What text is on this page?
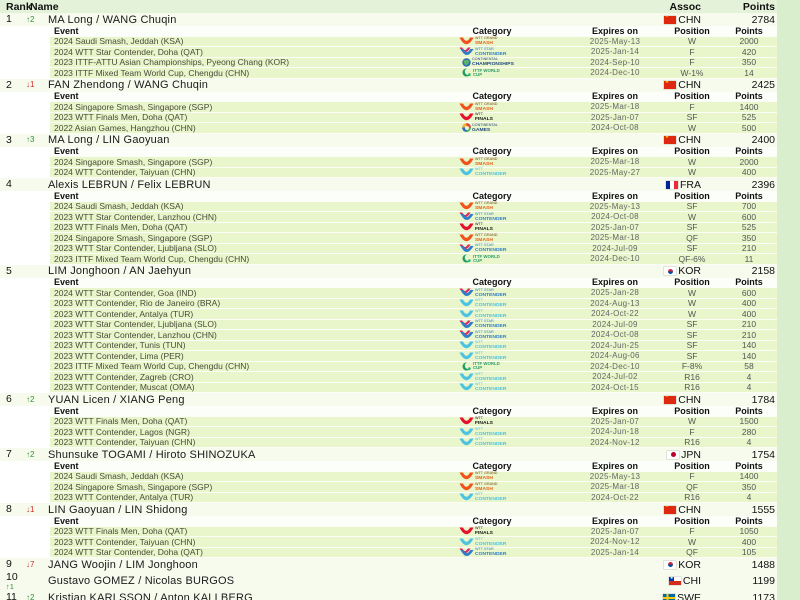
Rank
Name	Assoc	Points
1	↑2	MA Long / WANG Chuqin ★	CHN	2784
Event	Category	Expires on	Position	Points
2024 Saudi Smash, Jeddah (KSA)	WTT GRAND
SMASH	2025-May-13	W	2000
2024 WTT Star Contender, Doha (QAT)	WTT STAR
CONTENDER	2025-Jan-14	F	420
2023 ITTF-ATTU Asian Championships, Pyeong Chang (KOR)	CONTINENTAL
CHAMPIONSHIPS	2024-Sep-10	F	350
2023 ITTF Mixed Team World Cup, Chengdu (CHN)	ITTF WORLD CUP	2024-Dec-10	W-1%	14
2	↓1	FAN Zhendong / WANG Chuqin ★	CHN	2425
Event	Category	Expires on	Position	Points
2024 Singapore Smash, Singapore (SGP)	WTT GRAND
SMASH	2025-Mar-18	F	1400
2023 WTT Finals Men, Doha (QAT)	WTT
FINALS	2025-Jan-07	SF	525
2022 Asian Games, Hangzhou (CHN)	CONTINENTAL
GAMES	2024-Oct-08	W	500
3	↑3	MA Long / LIN Gaoyuan ★	CHN	2400
Event	Category	Expires on	Position	Points
2024 Singapore Smash, Singapore (SGP)	WTT GRAND
SMASH	2025-Mar-18	W	2000
2024 WTT Contender, Taiyuan (CHN)	WTT
CONTENDER	2025-May-27	W	400
4	Alexis LEBRUN / Felix LEBRUN	FRA	2396
Event	Category	Expires on	Position	Points
2024 Saudi Smash, Jeddah (KSA)	WTT GRAND
SMASH	2025-May-13	SF	700
2023 WTT Star Contender, Lanzhou (CHN)	WTT STAR
CONTENDER	2024-Oct-08	W	600
2023 WTT Finals Men, Doha (QAT)	WTT
FINALS	2025-Jan-07	SF	525
2024 Singapore Smash, Singapore (SGP)	WTT GRAND
SMASH	2025-Mar-18	QF	350
2023 WTT Star Contender, Ljubljana (SLO)	WTT STAR
CONTENDER	2024-Jul-09	SF	210
2023 ITTF Mixed Team World Cup, Chengdu (CHN)	ITTF WORLD CUP	2024-Dec-10	QF-6%	11
5	LIM Jonghoon / AN Jaehyun	KOR	2158
Event	Category	Expires on	Position	Points
2024 WTT Star Contender, Goa (IND)	WTT STAR
CONTENDER	2025-Jan-28	W	600
2023 WTT Contender, Rio de Janeiro (BRA)	WTT
CONTENDER	2024-Aug-13	W	400
2023 WTT Contender, Antalya (TUR)	WTT
CONTENDER	2024-Oct-22	W	400
2023 WTT Star Contender, Ljubljana (SLO)	WTT STAR
CONTENDER	2024-Jul-09	SF	210
2023 WTT Star Contender, Lanzhou (CHN)	WTT STAR
CONTENDER	2024-Oct-08	SF	210
2023 WTT Contender, Tunis (TUN)	WTT
CONTENDER	2024-Jun-25	SF	140
2023 WTT Contender, Lima (PER)	WTT
CONTENDER	2024-Aug-06	SF	140
2023 ITTF Mixed Team World Cup, Chengdu (CHN)	ITTF WORLD CUP	2024-Dec-10	F-8%	58
2023 WTT Contender, Zagreb (CRO)	WTT
CONTENDER	2024-Jul-02	R16	4
2023 WTT Contender, Muscat (OMA)	WTT
CONTENDER	2024-Oct-15	R16	4
6	↑2	YUAN Licen / XIANG Peng ★	CHN	1784
Event	Category	Expires on	Position	Points
2023 WTT Finals Men, Doha (QAT)	WTT
FINALS	2025-Jan-07	W	1500
2023 WTT Contender, Lagos (NGR)	WTT
CONTENDER	2024-Jun-18	F	280
2023 WTT Contender, Taiyuan (CHN)	WTT
CONTENDER	2024-Nov-12	R16	4
7	↑2	Shunsuke TOGAMI / Hiroto SHINOZUKA	JPN	1754
Event	Category	Expires on	Position	Points
2024 Saudi Smash, Jeddah (KSA)	WTT GRAND
SMASH	2025-May-13	F	1400
2024 Singapore Smash, Singapore (SGP)	WTT GRAND
SMASH	2025-Mar-18	QF	350
2023 WTT Contender, Antalya (TUR)	WTT
CONTENDER	2024-Oct-22	R16	4
8	↓1	LIN Gaoyuan / LIN Shidong ★	CHN	1555
Event	Category	Expires on	Position	Points
2023 WTT Finals Men, Doha (QAT)	WTT
FINALS	2025-Jan-07	F	1050
2023 WTT Contender, Taiyuan (CHN)	WTT
CONTENDER	2024-Nov-12	W	400
2024 WTT Star Contender, Doha (QAT)	WTT STAR
CONTENDER	2025-Jan-14	QF	105
9	↓7	JANG Woojin / LIM Jonghoon	KOR	1488
10
↑1	Gustavo GOMEZ / Nicolas BURGOS ★	CHI	1199
11	↑2	Kristian KARLSSON / Anton KALLBERG	SWE	1173
